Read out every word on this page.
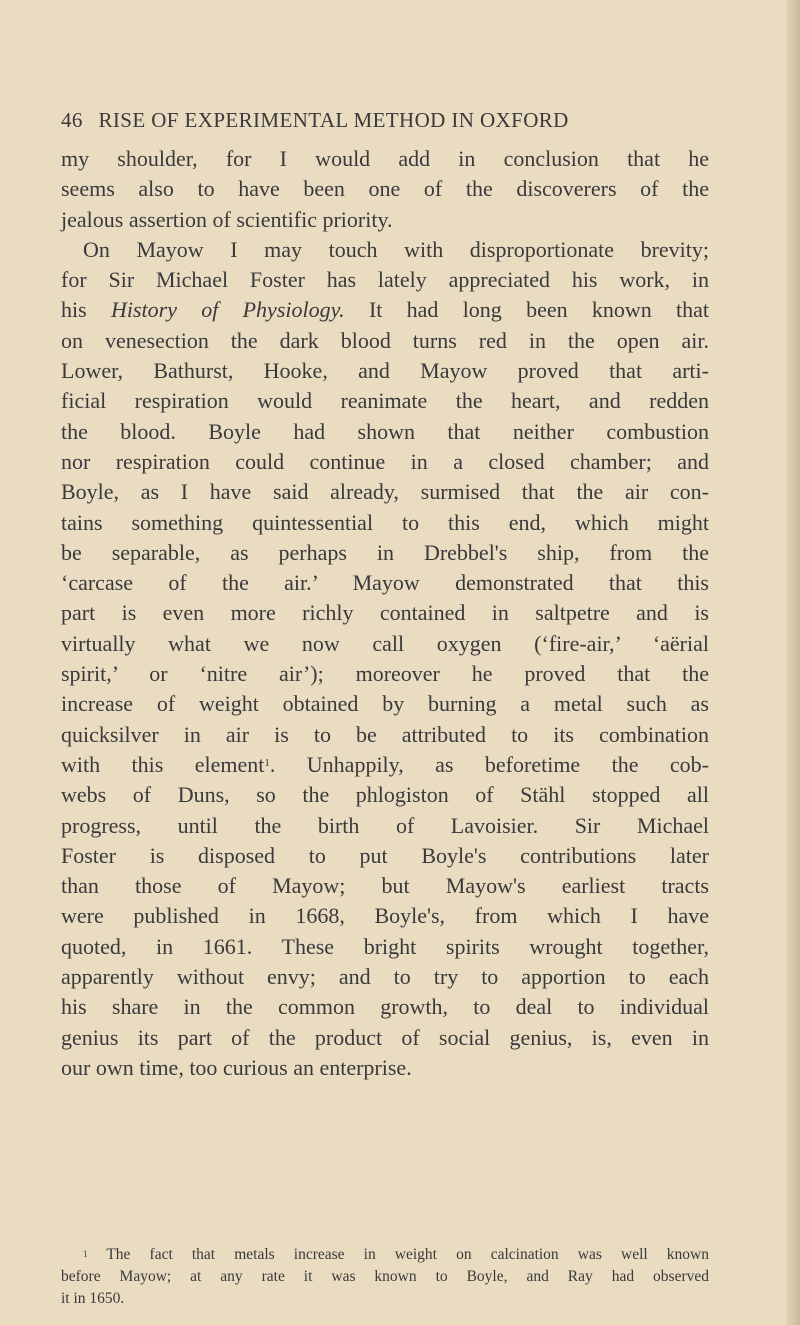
46 RISE OF EXPERIMENTAL METHOD IN OXFORD
my shoulder, for I would add in conclusion that he
seems also to have been one of the discoverers of the
jealous assertion of scientific priority.
On Mayow I may touch with disproportionate brevity;
for Sir Michael Foster has lately appreciated his work, in
his History of Physiology. It had long been known that
on venesection the dark blood turns red in the open air.
Lower, Bathurst, Hooke, and Mayow proved that arti-
ficial respiration would reanimate the heart, and redden
the blood. Boyle had shown that neither combustion
nor respiration could continue in a closed chamber; and
Boyle, as I have said already, surmised that the air con-
tains something quintessential to this end, which might
be separable, as perhaps in Drebbel's ship, from the
‘carcase of the air.’ Mayow demonstrated that this
part is even more richly contained in saltpetre and is
virtually what we now call oxygen (‘fire-air,’ ‘aërial
spirit,’ or ‘nitre air’); moreover he proved that the
increase of weight obtained by burning a metal such as
quicksilver in air is to be attributed to its combination
with this element$^1$. Unhappily, as beforetime the cob-
webs of Duns, so the phlogiston of Stähl stopped all
progress, until the birth of Lavoisier. Sir Michael
Foster is disposed to put Boyle's contributions later
than those of Mayow; but Mayow's earliest tracts
were published in 1668, Boyle's, from which I have
quoted, in 1661. These bright spirits wrought together,
apparently without envy; and to try to apportion to each
his share in the common growth, to deal to individual
genius its part of the product of social genius, is, even in
our own time, too curious an enterprise.
$^1$ The fact that metals increase in weight on calcination was well known
before Mayow; at any rate it was known to Boyle, and Ray had observed
it in 1650.
